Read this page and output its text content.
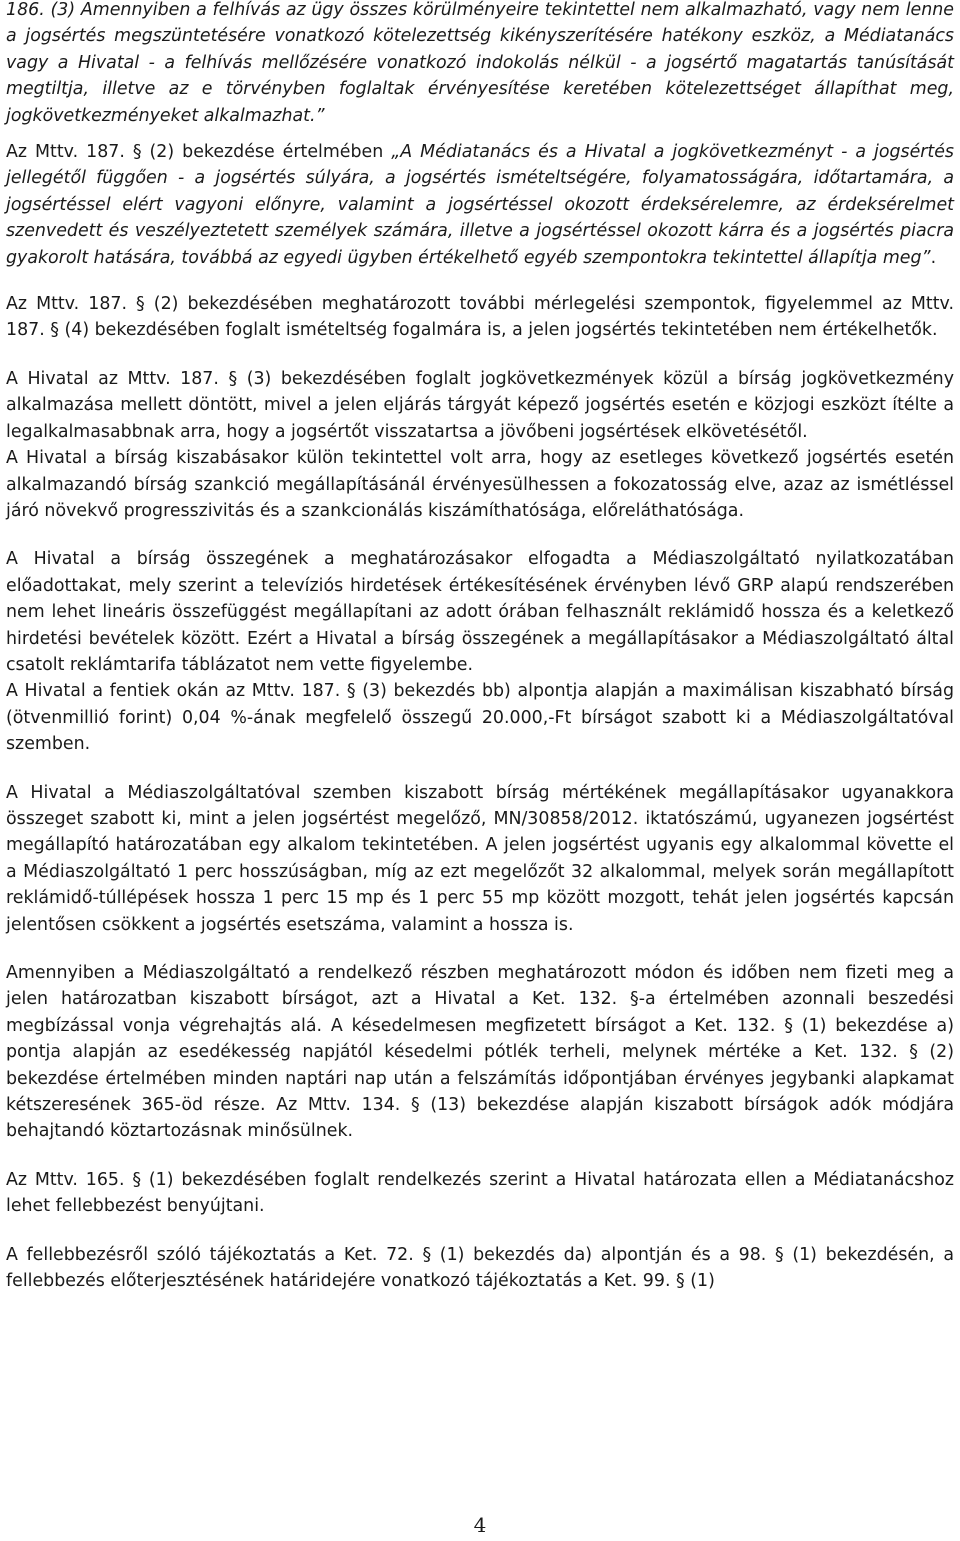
186. (3) Amennyiben a felhívás az ügy összes körülményeire tekintettel nem alkalmazható, vagy nem lenne a jogsértés megszüntetésére vonatkozó kötelezettség kikényszerítésére hatékony eszköz, a Médiatanács vagy a Hivatal - a felhívás mellőzésére vonatkozó indokolás nélkül - a jogsértő magatartás tanúsítását megtiltja, illetve az e törvényben foglaltak érvényesítése keretében kötelezettséget állapíthat meg, jogkövetkezményeket alkalmazhat.”

Az Mttv. 187. § (2) bekezdése értelmében „A Médiatanács és a Hivatal a jogkövetkezményt - a jogsértés jellegétől függően - a jogsértés súlyára, a jogsértés ismételtségére, folyamatosságára, időtartamára, a jogsértéssel elért vagyoni előnyre, valamint a jogsértéssel okozott érdeksérelemre, az érdeksérelmet szenvedett és veszélyeztetett személyek számára, illetve a jogsértéssel okozott kárra és a jogsértés piacra gyakorolt hatására, továbbá az egyedi ügyben értékelhető egyéb szempontokra tekintettel állapítja meg”.

Az Mttv. 187. § (2) bekezdésében meghatározott további mérlegelési szempontok, figyelemmel az Mttv. 187. § (4) bekezdésében foglalt ismételtség fogalmára is, a jelen jogsértés tekintetében nem értékelhetők.

A Hivatal az Mttv. 187. § (3) bekezdésében foglalt jogkövetkezmények közül a bírság jogkövetkezmény alkalmazása mellett döntött, mivel a jelen eljárás tárgyát képező jogsértés esetén e közjogi eszközt ítélte a legalkalmasabbnak arra, hogy a jogsértőt visszatartsa a jövőbeni jogsértések elkövetésétől.

A Hivatal a bírság kiszabásakor külön tekintettel volt arra, hogy az esetleges következő jogsértés esetén alkalmazandó bírság szankció megállapításánál érvényesülhessen a fokozatosság elve, azaz az ismétléssel járó növekvő progresszivitás és a szankcionálás kiszámíthatósága, előreláthatósága.

A Hivatal a bírság összegének a meghatározásakor elfogadta a Médiaszolgáltató nyilatkozatában előadottakat, mely szerint a televíziós hirdetések értékesítésének érvényben lévő GRP alapú rendszerében nem lehet lineáris összefüggést megállapítani az adott órában felhasznált reklámidő hossza és a keletkező hirdetési bevételek között. Ezért a Hivatal a bírság összegének a megállapításakor a Médiaszolgáltató által csatolt reklámtarifa táblázatot nem vette figyelembe.

A Hivatal a fentiek okán az Mttv. 187. § (3) bekezdés bb) alpontja alapján a maximálisan kiszabható bírság (ötvenmillió forint) 0,04 %-ának megfelelő összegű 20.000,-Ft bírságot szabott ki a Médiaszolgáltatóval szemben.

A Hivatal a Médiaszolgáltatóval szemben kiszabott bírság mértékének megállapításakor ugyanakkora összeget szabott ki, mint a jelen jogsértést megelőző, MN/30858/2012. iktatószámú, ugyanezen jogsértést megállapító határozatában egy alkalom tekintetében. A jelen jogsértést ugyanis egy alkalommal követte el a Médiaszolgáltató 1 perc hosszúságban, míg az ezt megelőzőt 32 alkalommal, melyek során megállapított reklámidő-túllépések hossza 1 perc 15 mp és 1 perc 55 mp között mozgott, tehát jelen jogsértés kapcsán jelentősen csökkent a jogsértés esetszáma, valamint a hossza is.

Amennyiben a Médiaszolgáltató a rendelkező részben meghatározott módon és időben nem fizeti meg a jelen határozatban kiszabott bírságot, azt a Hivatal a Ket. 132. §-a értelmében azonnali beszedési megbízással vonja végrehajtás alá. A késedelmesen megfizetett bírságot a Ket. 132. § (1) bekezdése a) pontja alapján az esedékesség napjától késedelmi pótlék terheli, melynek mértéke a Ket. 132. § (2) bekezdése értelmében minden naptári nap után a felszámítás időpontjában érvényes jegybanki alapkamat kétszeresének 365-öd része. Az Mttv. 134. § (13) bekezdése alapján kiszabott bírságok adók módjára behajtandó köztartozásnak minősülnek.

Az Mttv. 165. § (1) bekezdésében foglalt rendelkezés szerint a Hivatal határozata ellen a Médiatanácshoz lehet fellebbezést benyújtani.

A fellebbezésről szóló tájékoztatás a Ket. 72. § (1) bekezdés da) alpontján és a 98. § (1) bekezdésén, a fellebbezés előterjesztésének határidejére vonatkozó tájékoztatás a Ket. 99. § (1)

4
